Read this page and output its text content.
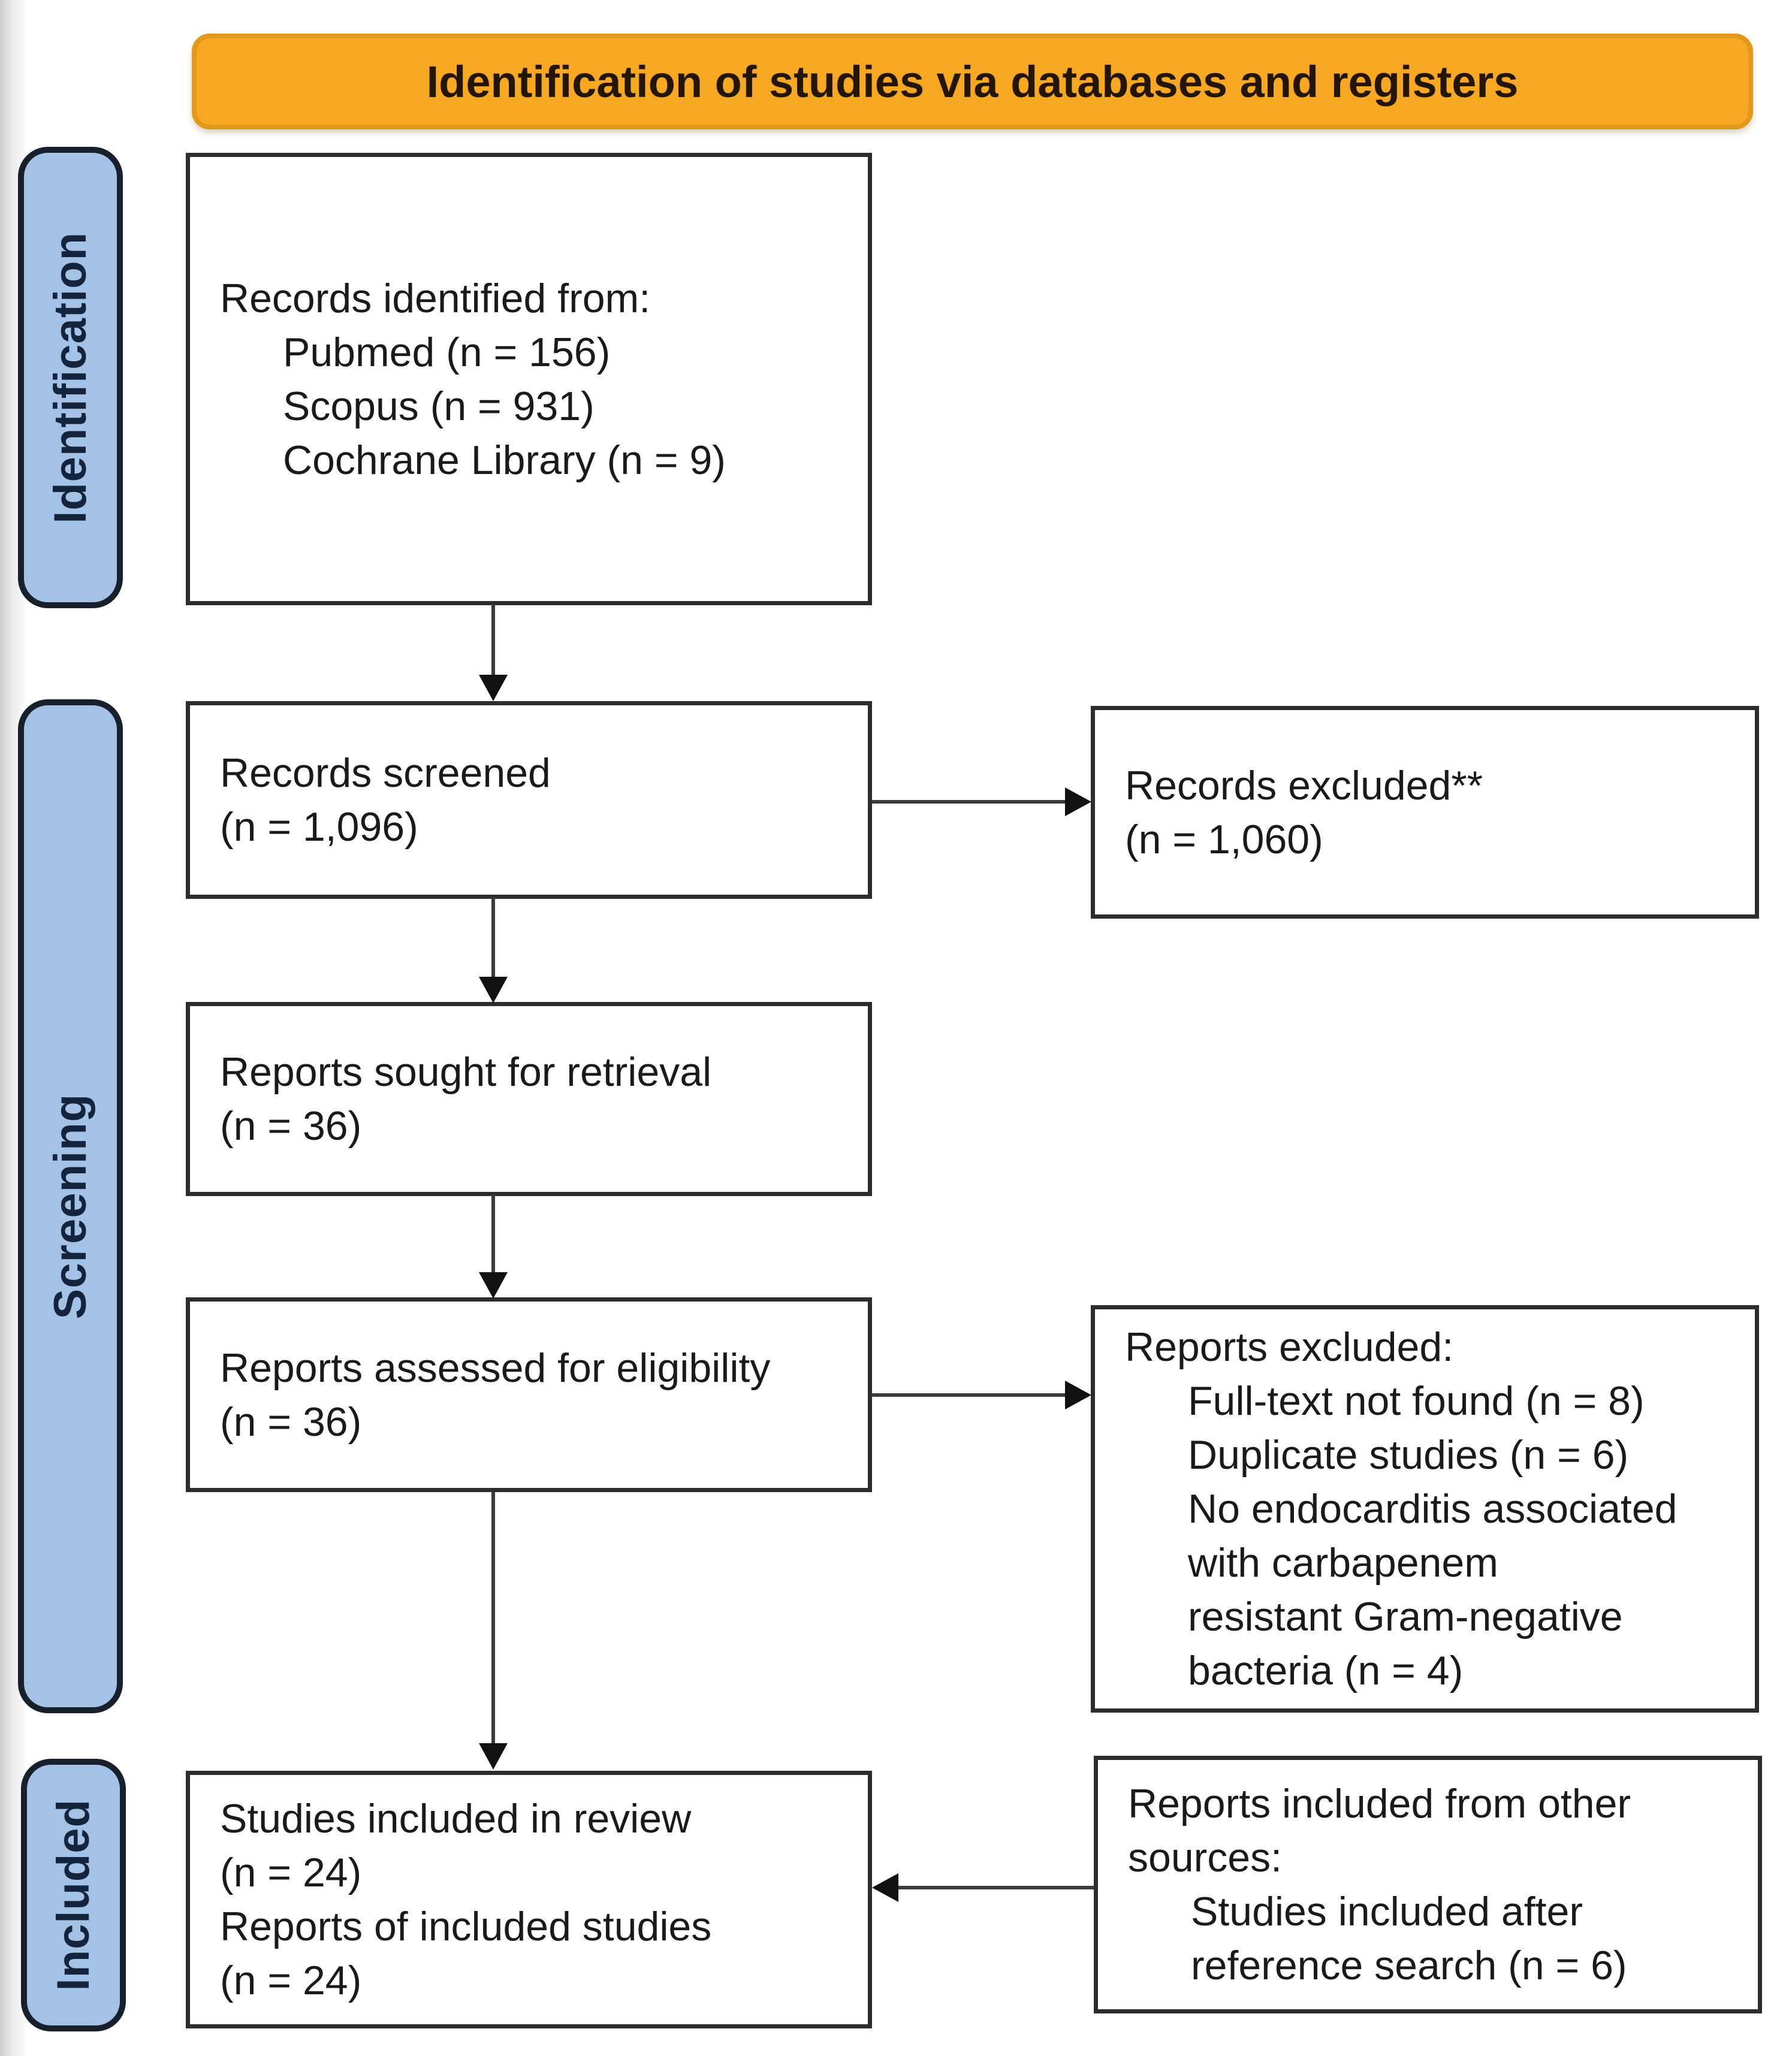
Identification of studies via databases and registers
Identification
Screening
Included
Records identified from:
Pubmed (n = 156)
Scopus (n = 931)
Cochrane Library (n = 9)
Records screened
(n = 1,096)
Reports sought for retrieval
(n = 36)
Reports assessed for eligibility
(n = 36)
Studies included in review
(n = 24)
Reports of included studies
(n = 24)
Records excluded**
(n = 1,060)
Reports excluded:
Full-text not found (n = 8)
Duplicate studies (n = 6)
No endocarditis associated
with carbapenem
resistant Gram-negative
bacteria (n = 4)
Reports included from other
sources:
Studies included after
reference search (n = 6)
